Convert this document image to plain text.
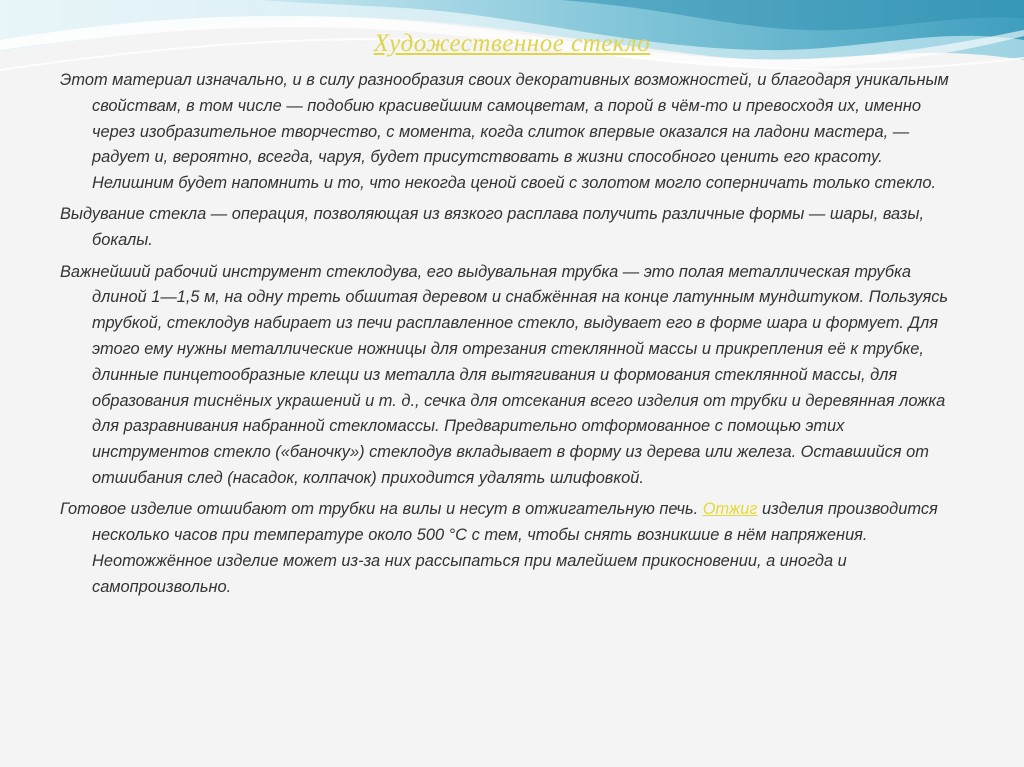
Художественное стекло

Этот материал изначально, и в силу разнообразия своих декоративных возможностей, и благодаря уникальным свойствам, в том числе — подобию красивейшим самоцветам, а порой в чём-то и превосходя их, именно через изобразительное творчество, с момента, когда слиток впервые оказался на ладони мастера, — радует и, вероятно, всегда, чаруя, будет присутствовать в жизни способного ценить его красоту. Нелишним будет напомнить и то, что некогда ценой своей с золотом могло соперничать только стекло.

Выдувание стекла — операция, позволяющая из вязкого расплава получить различные формы — шары, вазы, бокалы.

Важнейший рабочий инструмент стеклодува, его выдувальная трубка — это полая металлическая трубка длиной 1—1,5 м, на одну треть обшитая деревом и снабжённая на конце латунным мундштуком. Пользуясь трубкой, стеклодув набирает из печи расплавленное стекло, выдувает его в форме шара и формует. Для этого ему нужны металлические ножницы для отрезания стеклянной массы и прикрепления её к трубке, длинные пинцетообразные клещи из металла для вытягивания и формования стеклянной массы, для образования тиснёных украшений и т. д., сечка для отсекания всего изделия от трубки и деревянная ложка для разравнивания набранной стекломассы. Предварительно отформованное с помощью этих инструментов стекло («баночку») стеклодув вкладывает в форму из дерева или железа. Оставшийся от отшибания след (насадок, колпачок) приходится удалять шлифовкой.

Готовое изделие отшибают от трубки на вилы и несут в отжигательную печь. Отжиг изделия производится несколько часов при температуре около 500 °С с тем, чтобы снять возникшие в нём напряжения. Неотожжённое изделие может из-за них рассыпаться при малейшем прикосновении, а иногда и самопроизвольно.
